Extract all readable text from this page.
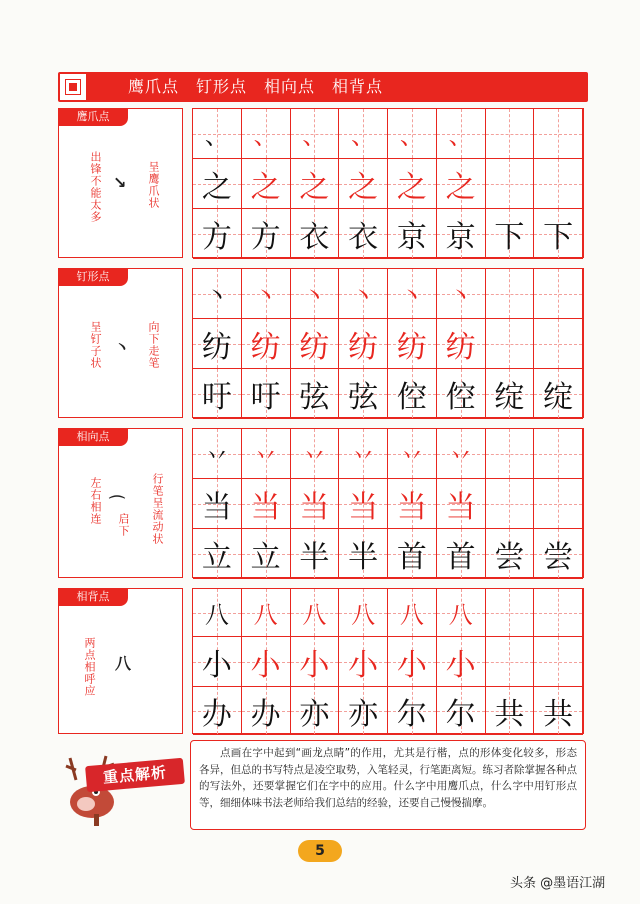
鹰爪点　钉形点　相向点　相背点
鹰爪点
出锋不能太多	呈鹰爪状
↘
、	、	、	、	、	、
之 之 之 之 之 之
方 方 衣 衣 京 京 下 下
钉形点
呈钉子状	向下走笔
丶
丶	丶	丶	丶	丶	丶
纺 纺 纺 纺 纺 纺
吁 吁 弦 弦 倥 倥 绽 绽
相向点
左右相连 启下 行笔呈流动状
⌒
丷	丷	丷	丷	丷	丷
当 当 当 当 当 当
立 立 半 半 首 首 尝 尝
相背点
两点相呼应 八
八	八	八	八	八	八
小 小 小 小 小 小
办 办 亦 亦 尔 尔 共 共
重点解析
点画在字中起到“画龙点睛”的作用，尤其是行楷，点的形体变化较多，形态各异，但总的书写特点是凌空取势，入笔轻灵，行笔距离短。练习者除掌握各种点的写法外，还要掌握它们在字中的应用。什么字中用鹰爪点，什么字中用钉形点等，细细体味书法老师给我们总结的经验，还要自己慢慢揣摩。
5
头条 @墨语江湖
